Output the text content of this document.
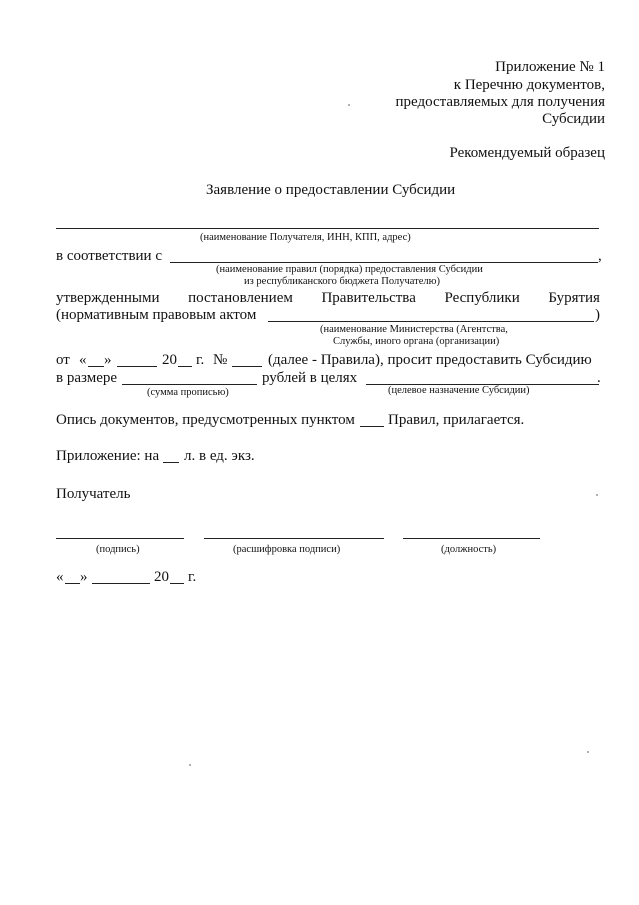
Приложение № 1
к Перечню документов,
предоставляемых для получения
Субсидии
Рекомендуемый образец
Заявление о предоставлении Субсидии
(наименование Получателя, ИНН, КПП, адрес)
в соответствии с	,
(наименование правил (порядка) предоставления Субсидии
из республиканского бюджета Получателю)
утвержденными постановлением Правительства Республики Бурятия
(нормативным правовым актом	)
(наименование Министерства (Агентства,
Службы, иного органа (организации)
от « »	20 г. №	(далее - Правила), просит предоставить Субсидию
в размере	рублей в целях	.
(сумма прописью)	(целевое назначение Субсидии)
Опись документов, предусмотренных пунктом Правил, прилагается.
Приложение: на л. в ед. экз.
Получатель
(подпись)	(расшифровка подписи)	(должность)
« »	20 г.
